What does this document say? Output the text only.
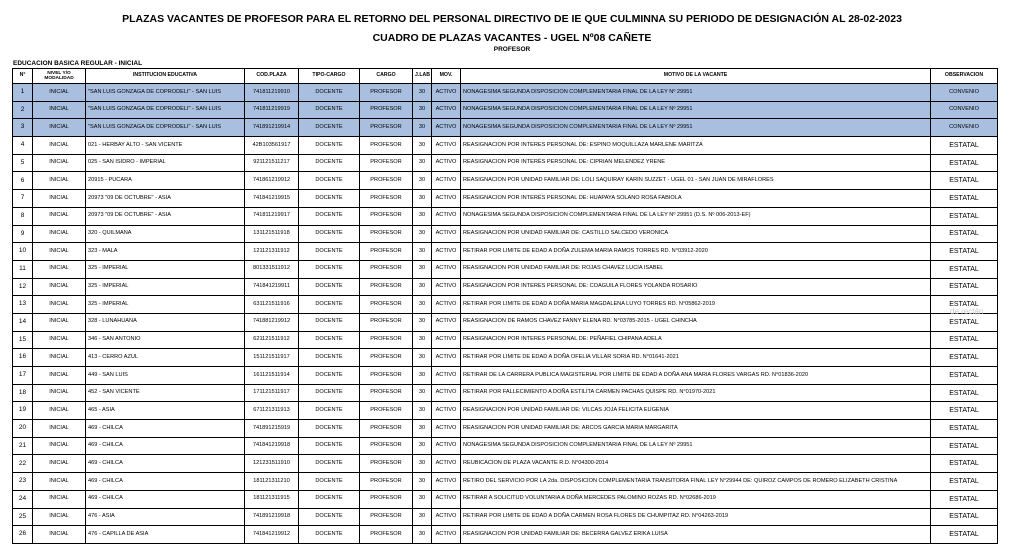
PLAZAS VACANTES DE PROFESOR PARA EL RETORNO DEL PERSONAL DIRECTIVO DE IE QUE CULMINNA SU PERIODO DE DESIGNACIÓN AL 28-02-2023
CUADRO DE PLAZAS VACANTES - UGEL Nº08 CAÑETE
PROFESOR
EDUCACION BASICA REGULAR - INICIAL
N°	NIVEL Y/O MODALIDAD	INSTITUCION EDUCATIVA	COD.PLAZA	TIPO-CARGO	CARGO	J.LAB	MOV.	MOTIVO DE LA VACANTE	OBSERVACION
1	INICIAL	"SAN LUIS GONZAGA DE COPRODELI" - SAN LUIS	741811219910	DOCENTE	PROFESOR	30	ACTIVO	NONAGESIMA SEGUNDA DISPOSICION COMPLEMENTARIA FINAL DE LA LEY Nº 29951	CONVENIO
2	INICIAL	"SAN LUIS GONZAGA DE COPRODELI" - SAN LUIS	741811219919	DOCENTE	PROFESOR	30	ACTIVO	NONAGESIMA SEGUNDA DISPOSICION COMPLEMENTARIA FINAL DE LA LEY Nº 29951	CONVENIO
3	INICIAL	"SAN LUIS GONZAGA DE COPRODELI" - SAN LUIS	741891219914	DOCENTE	PROFESOR	30	ACTIVO	NONAGESIMA SEGUNDA DISPOSICION COMPLEMENTARIA FINAL DE LA LEY Nº 29951	CONVENIO
4	INICIAL	021 - HERBAY ALTO - SAN VICENTE	42B103561917	DOCENTE	PROFESOR	30	ACTIVO	REASIGNACION POR INTERES PERSONAL DE: ESPINO MOQUILLAZA MARLENE MARITZA	ESTATAL
5	INICIAL	025 - SAN ISIDRO - IMPERIAL	921121511217	DOCENTE	PROFESOR	30	ACTIVO	REASIGNACION POR INTERÉS PERSONAL DE: CIPRIAN MELENDEZ YRENE	ESTATAL
6	INICIAL	20915 - PUCARA	741861219912	DOCENTE	PROFESOR	30	ACTIVO	REASIGNACION POR UNIDAD FAMILIAR DE: LOLI SAQUIRAY KARIN SUZZET - UGEL 01 - SAN JUAN DE MIRAFLORES	ESTATAL
7	INICIAL	20973 "09 DE OCTUBRE" - ASIA	741841219915	DOCENTE	PROFESOR	30	ACTIVO	REASIGNACION POR INTERÉS PERSONAL DE: HUAPAYA SOLANO ROSA FABIOLA	ESTATAL
8	INICIAL	20973 "09 DE OCTUBRE" - ASIA	741811219917	DOCENTE	PROFESOR	30	ACTIVO	NONAGESIMA SEGUNDA DISPOSICION COMPLEMENTARIA FINAL DE LA LEY Nº 29951 (D.S. Nº 006-2013-EF)	ESTATAL
9	INICIAL	320 - QUILMANA	131121511918	DOCENTE	PROFESOR	30	ACTIVO	REASIGNACION POR UNIDAD FAMILIAR DE: CASTILLO SALCEDO VERONICA	ESTATAL
10	INICIAL	323 - MALA	121121311912	DOCENTE	PROFESOR	30	ACTIVO	RETIRAR POR LIMITE DE EDAD A DOÑA ZULEMA MARIA RAMOS TORRES RD. N°03912-2020	ESTATAL
11	INICIAL	325 - IMPERIAL	801331511912	DOCENTE	PROFESOR	30	ACTIVO	REASIGNACION POR UNIDAD FAMILIAR DE: ROJAS CHAVEZ LUCIA ISABEL	ESTATAL
12	INICIAL	325 - IMPERIAL	741841219911	DOCENTE	PROFESOR	30	ACTIVO	REASIGNACION POR INTERES PERSONAL DE: COAGUILA FLORES YOLANDA ROSARIO	ESTATAL
13	INICIAL	325 - IMPERIAL	631121511916	DOCENTE	PROFESOR	30	ACTIVO	RETIRAR POR LIMITE DE EDAD A DOÑA MARIA MAGDALENA LUYO TORRES RD. N°05862-2019	ESTATAL
14	INICIAL	328 - LUNAHUANA	741881219912	DOCENTE	PROFESOR	30	ACTIVO	REASIGNACION DE RAMOS CHAVEZ FANNY ELENA RD. N°03785-2015 - UGEL CHINCHA	ESTATAL
15	INICIAL	346 - SAN ANTONIO	621121511912	DOCENTE	PROFESOR	30	ACTIVO	REASIGNACION POR INTERES PERSONAL DE: PEÑAFIEL CHIPANA ADELA	ESTATAL
16	INICIAL	413 - CERRO AZUL	151121511917	DOCENTE	PROFESOR	30	ACTIVO	RETIRAR POR LIMITE DE EDAD A DOÑA OFELIA VILLAR SORIA RD. N°01641-2021	ESTATAL
17	INICIAL	449 - SAN LUIS	161121511914	DOCENTE	PROFESOR	30	ACTIVO	RETIRAR DE LA CARRERA PUBLICA MAGISTERIAL POR LIMITE DE EDAD A DOÑA ANA MARIA FLORES VARGAS RD. N°01836-2020	ESTATAL
18	INICIAL	452 - SAN VICENTE	171121511917	DOCENTE	PROFESOR	30	ACTIVO	RETIRAR POR FALLECIMIENTO A DOÑA ESTILITA CARMEN PACHAS QUISPE RD. N°01970-2021	ESTATAL
19	INICIAL	465 - ASIA	671121311913	DOCENTE	PROFESOR	30	ACTIVO	REASIGNACION POR UNIDAD FAMILIAR DE: VILCAS JOJA FELICITA EUGENIA	ESTATAL
20	INICIAL	469 - CHILCA	741891215919	DOCENTE	PROFESOR	30	ACTIVO	REASIGNACION POR UNIDAD FAMILIAR DE: ARCOS GARCIA MARIA MARGARITA	ESTATAL
21	INICIAL	469 - CHILCA	741841219918	DOCENTE	PROFESOR	30	ACTIVO	NONAGESIMA SEGUNDA DISPOSICION COMPLEMENTARIA FINAL DE LA LEY Nº 29951	ESTATAL
22	INICIAL	469 - CHILCA	121231511910	DOCENTE	PROFESOR	30	ACTIVO	REUBICACION DE PLAZA VACANTE R.D. N°04300-2014	ESTATAL
23	INICIAL	469 - CHILCA	181121311210	DOCENTE	PROFESOR	30	ACTIVO	RETIRO DEL SERVICIO POR LA 2da. DISPOSICION COMPLEMENTARIA TRANSITORIA FINAL LEY N°29944 DE: QUIROZ CAMPOS DE ROMERO ELIZABETH CRISTINA	ESTATAL
24	INICIAL	469 - CHILCA	181121311915	DOCENTE	PROFESOR	30	ACTIVO	RETIRAR A SOLICITUD VOLUNTARIA A DOÑA MERCEDES PALOMINO ROZAS RD. N°02686-2019	ESTATAL
25	INICIAL	476 - ASIA	741891219918	DOCENTE	PROFESOR	30	ACTIVO	RETIRAR POR LIMITE DE EDAD A DOÑA CARMEN ROSA FLORES DE CHUMPITAZ RD. N°04263-2019	ESTATAL
26	INICIAL	476 - CAPILLA DE ASIA	741841219912	DOCENTE	PROFESOR	30	ACTIVO	REASIGNACION POR UNIDAD FAMILIAR DE: BECERRA GALVEZ ERIKA LUISA	ESTATAL
de rectán
